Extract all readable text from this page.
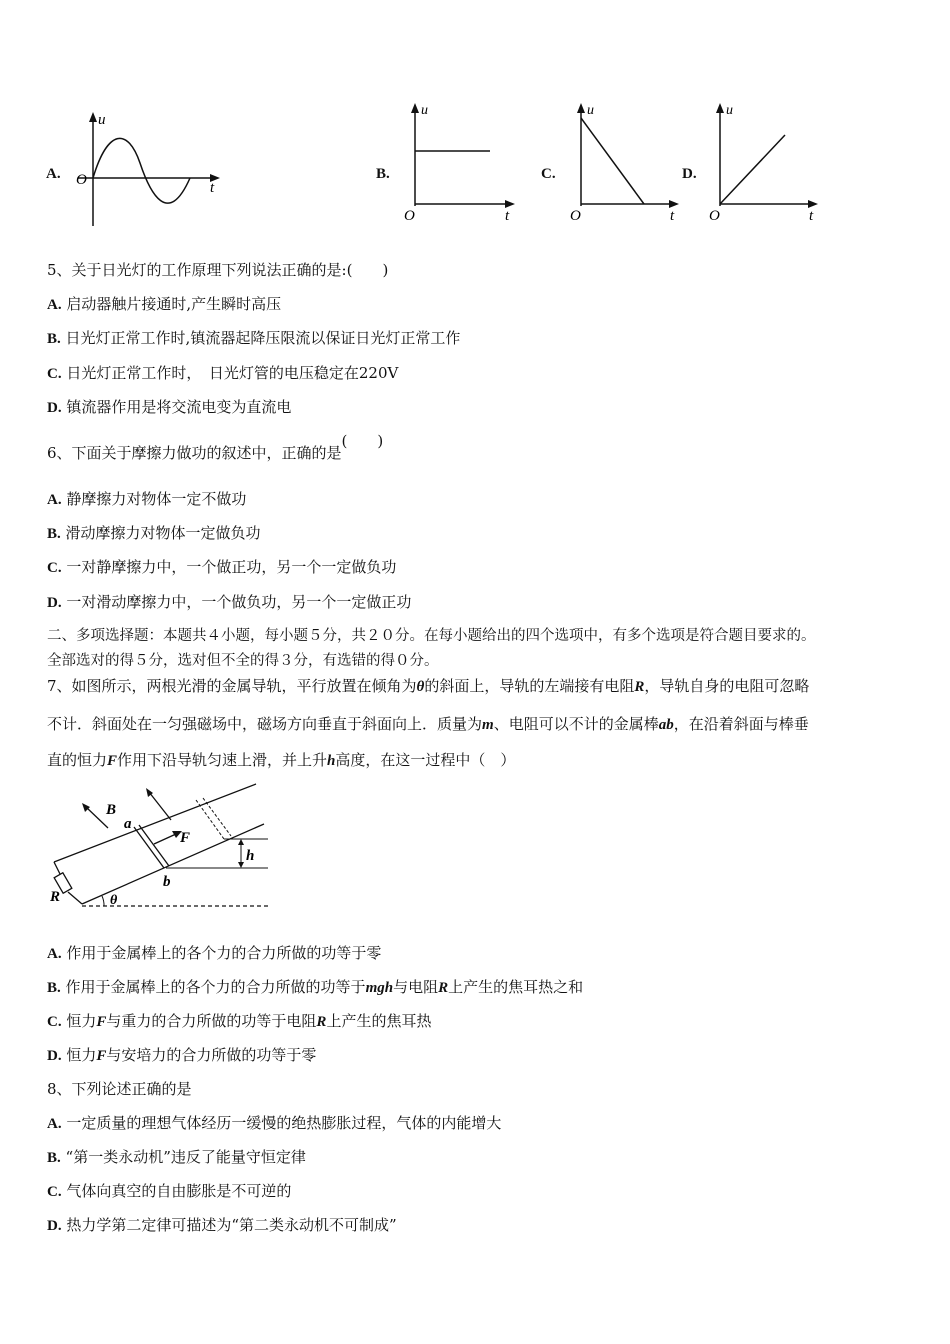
A.
u
O	t
B.
u
O	t
C.
u
O	t
D.
u
O	t
5、关于日光灯的工作原理下列说法正确的是:(　　)
A. 启动器触片接通时,产生瞬时高压
B. 日光灯正常工作时,镇流器起降压限流以保证日光灯正常工作
C. 日光灯正常工作时，　日光灯管的电压稳定在220V
D. 镇流器作用是将交流电变为直流电
6、下面关于摩擦力做功的叙述中，正确的是(　　)
A. 静摩擦力对物体一定不做功
B. 滑动摩擦力对物体一定做负功
C. 一对静摩擦力中，一个做正功，另一个一定做负功
D. 一对滑动摩擦力中，一个做负功，另一个一定做正功
二、多项选择题：本题共４小题，每小题５分，共２０分。在每小题给出的四个选项中，有多个选项是符合题目要求的。
全部选对的得５分，选对但不全的得３分，有选错的得０分。
7、如图所示，两根光滑的金属导轨，平行放置在倾角为θ的斜面上，导轨的左端接有电阻R，导轨自身的电阻可忽略
不计．斜面处在一匀强磁场中，磁场方向垂直于斜面向上．质量为m、电阻可以不计的金属棒ab，在沿着斜面与棒垂
直的恒力F作用下沿导轨匀速上滑，并上升h高度，在这一过程中（　）
B
a
b
F
h
R	θ
A. 作用于金属棒上的各个力的合力所做的功等于零
B. 作用于金属棒上的各个力的合力所做的功等于mgh与电阻R上产生的焦耳热之和
C. 恒力F与重力的合力所做的功等于电阻R上产生的焦耳热
D. 恒力F与安培力的合力所做的功等于零
8、下列论述正确的是
A. 一定质量的理想气体经历一缓慢的绝热膨胀过程，气体的内能增大
B. “第一类永动机”违反了能量守恒定律
C. 气体向真空的自由膨胀是不可逆的
D. 热力学第二定律可描述为“第二类永动机不可制成”
